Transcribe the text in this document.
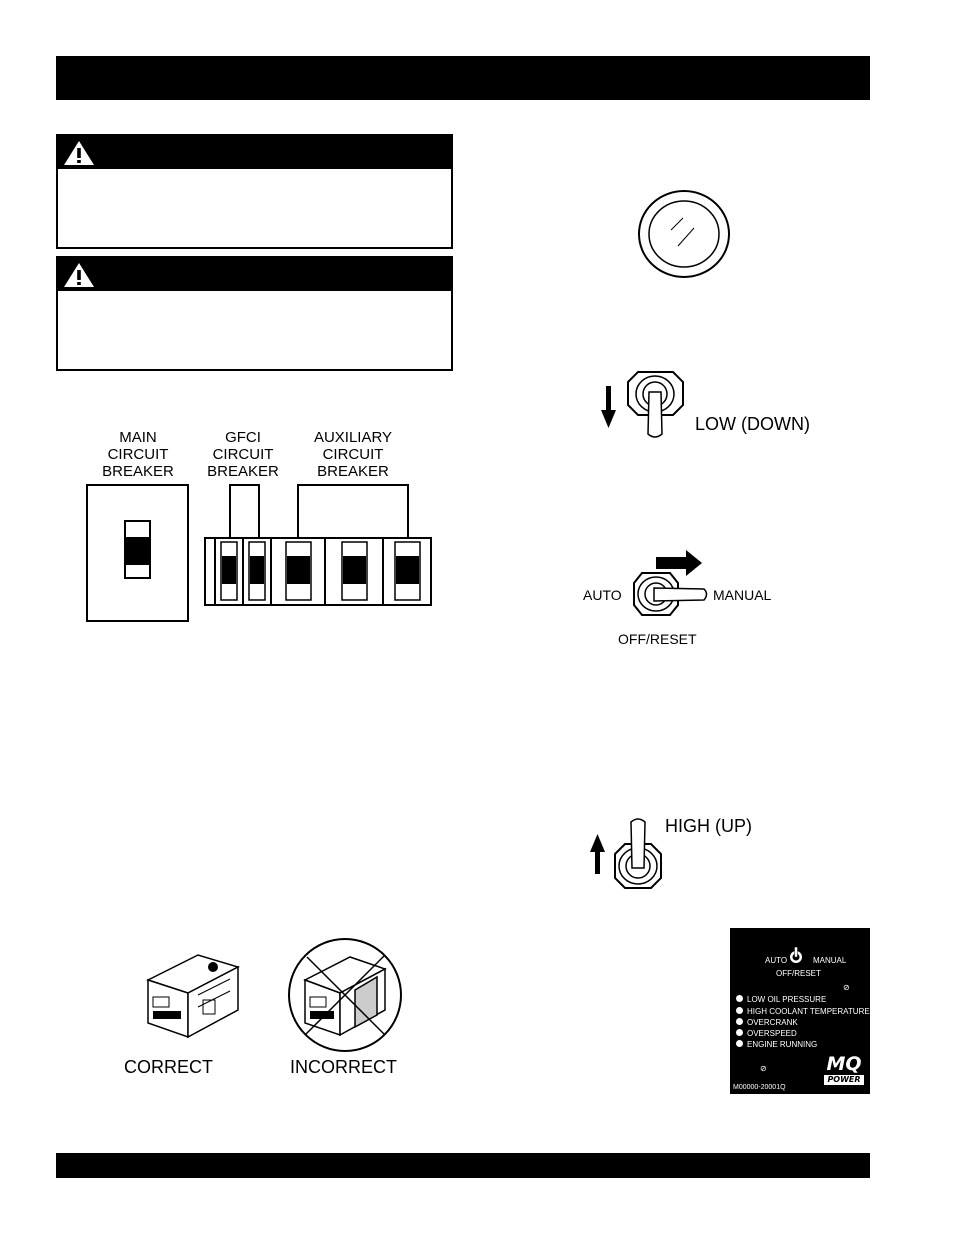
MAIN
CIRCUIT
BREAKER
GFCI
CIRCUIT
BREAKER
AUXILIARY
CIRCUIT
BREAKER
CORRECT	INCORRECT
LOW (DOWN)
AUTO	MANUAL
OFF/RESET
HIGH (UP)
AUTO	MANUAL
OFF/RESET
⊘
LOW OIL PRESSURE
HIGH COOLANT TEMPERATURE
OVERCRANK
OVERSPEED
ENGINE RUNNING
⊘
M00000-20001Q
MQ
POWER
